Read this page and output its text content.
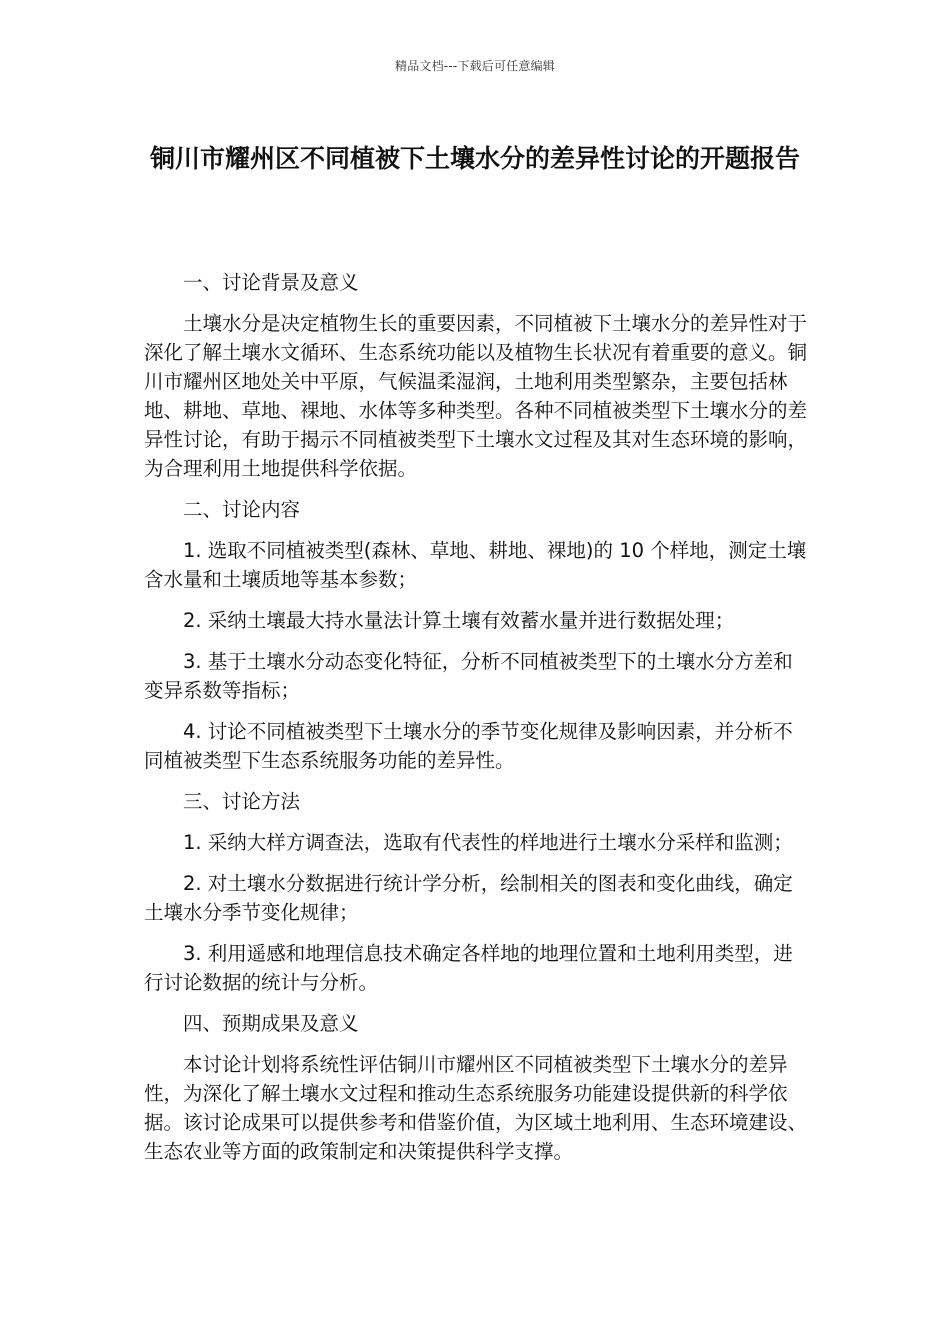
精品文档---下载后可任意编辑
铜川市耀州区不同植被下土壤水分的差异性讨论的开题报告

一、讨论背景及意义

土壤水分是决定植物生长的重要因素，不同植被下土壤水分的差异性对于深化了解土壤水文循环、生态系统功能以及植物生长状况有着重要的意义。铜川市耀州区地处关中平原，气候温柔湿润，土地利用类型繁杂，主要包括林地、耕地、草地、裸地、水体等多种类型。各种不同植被类型下土壤水分的差异性讨论，有助于揭示不同植被类型下土壤水文过程及其对生态环境的影响，为合理利用土地提供科学依据。

二、讨论内容

1. 选取不同植被类型(森林、草地、耕地、裸地)的 10 个样地，测定土壤含水量和土壤质地等基本参数；

2. 采纳土壤最大持水量法计算土壤有效蓄水量并进行数据处理；

3. 基于土壤水分动态变化特征，分析不同植被类型下的土壤水分方差和变异系数等指标；

4. 讨论不同植被类型下土壤水分的季节变化规律及影响因素，并分析不同植被类型下生态系统服务功能的差异性。

三、讨论方法

1. 采纳大样方调查法，选取有代表性的样地进行土壤水分采样和监测；

2. 对土壤水分数据进行统计学分析，绘制相关的图表和变化曲线，确定土壤水分季节变化规律；

3. 利用遥感和地理信息技术确定各样地的地理位置和土地利用类型，进行讨论数据的统计与分析。

四、预期成果及意义

本讨论计划将系统性评估铜川市耀州区不同植被类型下土壤水分的差异性，为深化了解土壤水文过程和推动生态系统服务功能建设提供新的科学依据。该讨论成果可以提供参考和借鉴价值，为区域土地利用、生态环境建设、生态农业等方面的政策制定和决策提供科学支撑。
